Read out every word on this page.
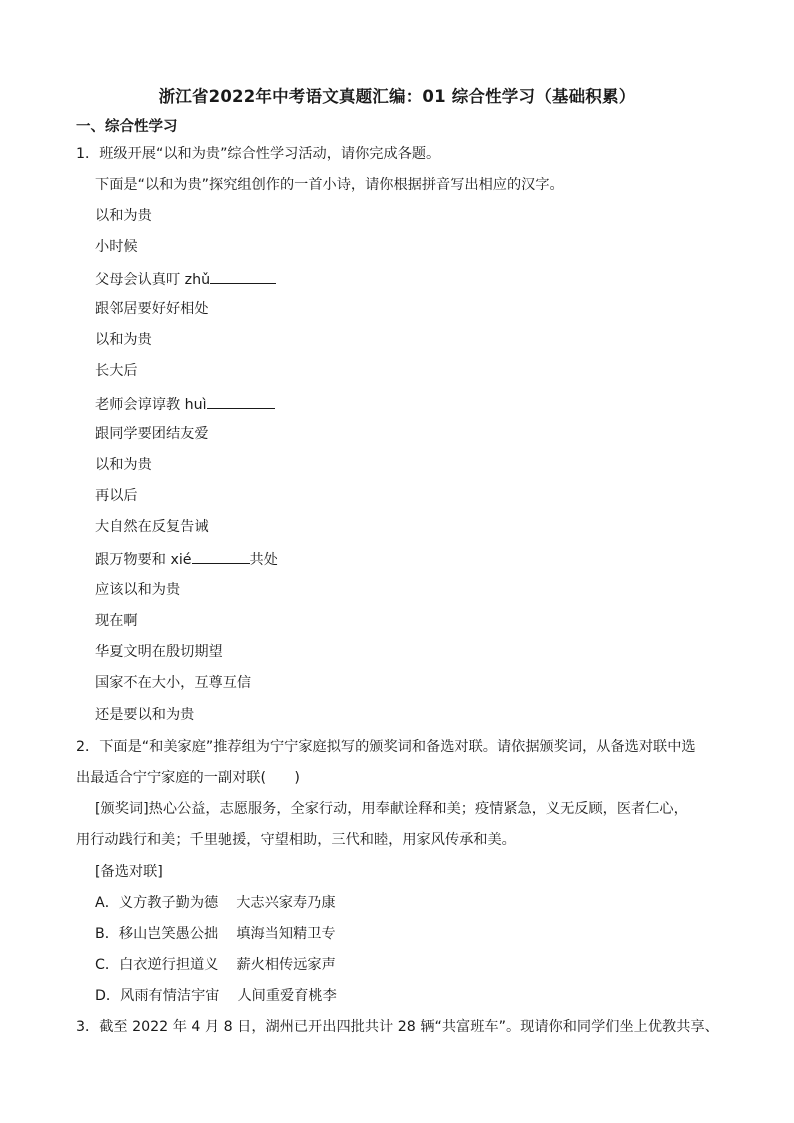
浙江省2022年中考语文真题汇编：01 综合性学习（基础积累）
一、综合性学习
1．班级开展“以和为贵”综合性学习活动，请你完成各题。
下面是“以和为贵”探究组创作的一首小诗，请你根据拼音写出相应的汉字。
以和为贵
小时候
父母会认真叮 zhǔ
跟邻居要好好相处
以和为贵
长大后
老师会谆谆教 huì
跟同学要团结友爱
以和为贵
再以后
大自然在反复告诫
跟万物要和 xié	共处
应该以和为贵
现在啊
华夏文明在殷切期望
国家不在大小，互尊互信
还是要以和为贵
2．下面是“和美家庭”推荐组为宁宁家庭拟写的颁奖词和备选对联。请依据颁奖词，从备选对联中选
出最适合宁宁家庭的一副对联(　　)
[颁奖词]热心公益，志愿服务，全家行动，用奉献诠释和美；疫情紧急，义无反顾，医者仁心，
用行动践行和美；千里驰援，守望相助，三代和睦，用家风传承和美。
[备选对联]
A．义方教子勤为德 大志兴家寿乃康
B．移山岂笑愚公拙 填海当知精卫专
C．白衣逆行担道义 薪火相传远家声
D．风雨有情洁宇宙 人间重爱育桃李
3．截至 2022 年 4 月 8 日，湖州已开出四批共计 28 辆“共富班车”。现请你和同学们坐上优教共享、
